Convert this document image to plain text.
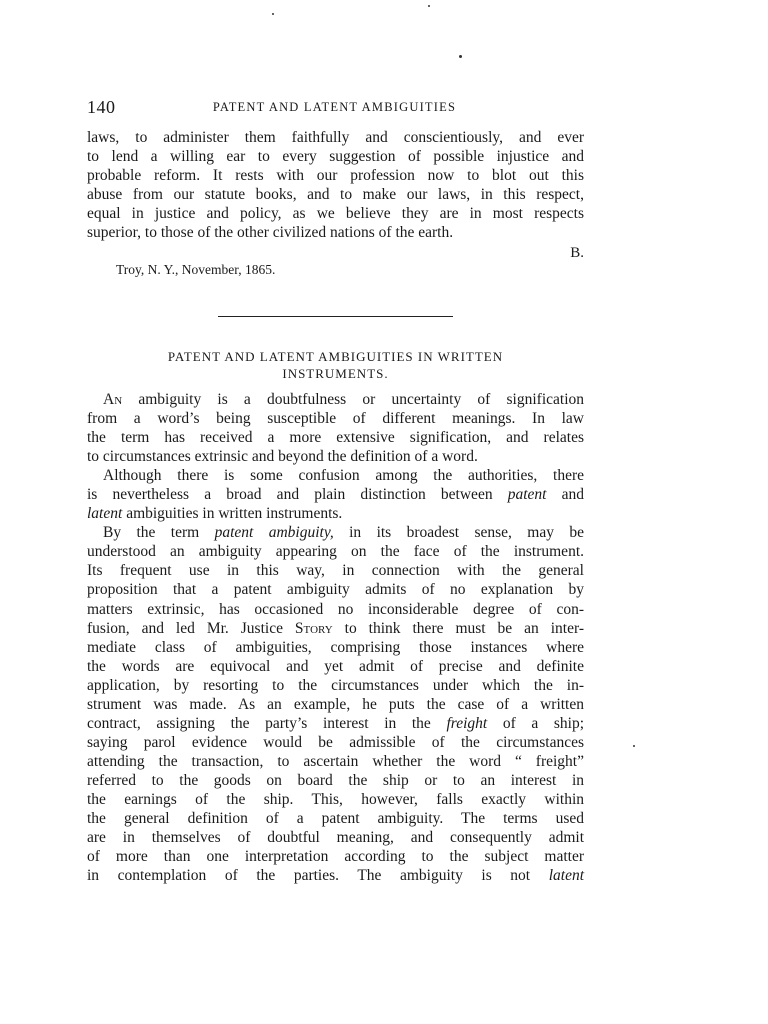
140	PATENT AND LATENT AMBIGUITIES
laws, to administer them faithfully and conscientiously, and ever
to lend a willing ear to every suggestion of possible injustice and
probable reform. It rests with our profession now to blot out this
abuse from our statute books, and to make our laws, in this respect,
equal in justice and policy, as we believe they are in most respects
superior, to those of the other civilized nations of the earth.
B.
Troy, N. Y., November, 1865.
PATENT AND LATENT AMBIGUITIES IN WRITTEN
INSTRUMENTS.
An ambiguity is a doubtfulness or uncertainty of signification
from a word’s being susceptible of different meanings. In law
the term has received a more extensive signification, and relates
to circumstances extrinsic and beyond the definition of a word.
Although there is some confusion among the authorities, there
is nevertheless a broad and plain distinction between patent and
latent ambiguities in written instruments.
By the term patent ambiguity, in its broadest sense, may be
understood an ambiguity appearing on the face of the instrument.
Its frequent use in this way, in connection with the general
proposition that a patent ambiguity admits of no explanation by
matters extrinsic, has occasioned no inconsiderable degree of con-
fusion, and led Mr. Justice Story to think there must be an inter-
mediate class of ambiguities, comprising those instances where
the words are equivocal and yet admit of precise and definite
application, by resorting to the circumstances under which the in-
strument was made. As an example, he puts the case of a written
contract, assigning the party’s interest in the freight of a ship;
saying parol evidence would be admissible of the circumstances
attending the transaction, to ascertain whether the word “ freight”
referred to the goods on board the ship or to an interest in
the earnings of the ship. This, however, falls exactly within
the general definition of a patent ambiguity. The terms used
are in themselves of doubtful meaning, and consequently admit
of more than one interpretation according to the subject matter
in contemplation of the parties. The ambiguity is not latent
